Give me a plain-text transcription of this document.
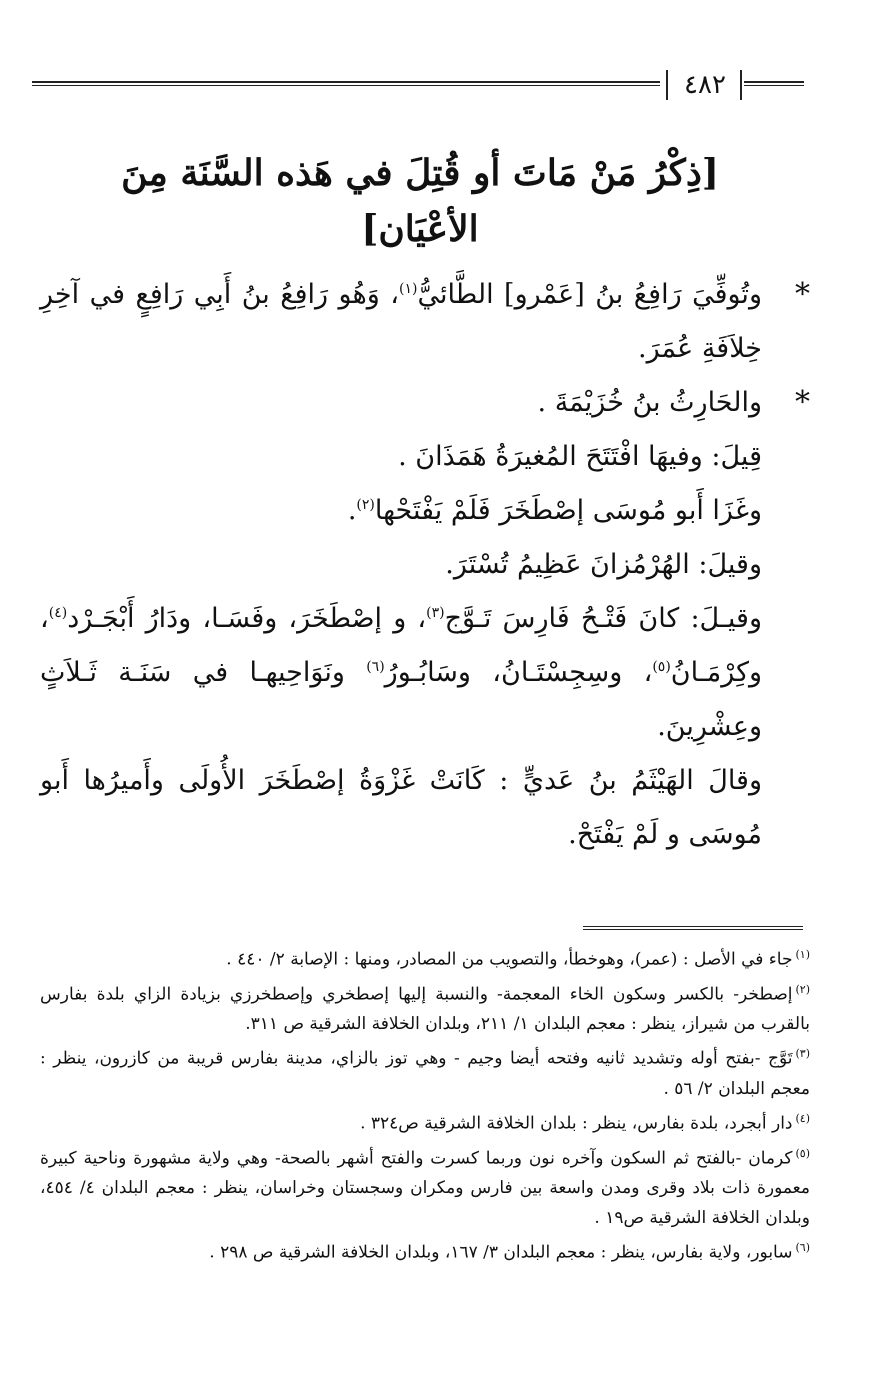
٤٨٢
[ذِكْرُ مَنْ مَاتَ أو قُتِلَ في هَذه السَّنَة مِنَ الأعْيَان]

*
وتُوفِّيَ رَافِعُ بنُ [عَمْرو] الطَّائيُّ$^{(١)}$، وَهُو رَافِعُ بنُ أَبِي رَافِعٍ في آخِرِ خِلاَفَةِ عُمَرَ.

*
والحَارِثُ بنُ خُزَيْمَةَ .

قِيلَ: وفيهَا افْتَتَحَ المُغيرَةُ هَمَذَانَ .

وغَزَا أَبو مُوسَى إصْطَخَرَ فَلَمْ يَفْتَحْها$^{(٢)}$.

وقيلَ: الهُرْمُزانَ عَظِيمُ تُسْتَرَ.

وقيـلَ: كانَ فَتْـحُ فَارِسَ تَـوَّج$^{(٣)}$، و إصْطَخَرَ، وفَسَـا، ودَارُ أَبْجَـرْد$^{(٤)}$، وكِرْمَـانُ$^{(٥)}$، وسِجِسْتَـانُ، وسَابُـورُ$^{(٦)}$ ونَوَاحِيهـا في سَنَـة ثَـلاَثٍ وعِشْرِينَ.

وقالَ الهَيْثَمُ بنُ عَديٍّ : كَانَتْ غَزْوَةُ إصْطَخَرَ الأُولَى وأَميرُها أَبو مُوسَى و لَمْ يَفْتَحْ.

$^{(١)}$جاء في الأصل : (عمر)، وهوخطأ، والتصويب من المصادر، ومنها : الإصابة ٢/ ٤٤٠ .

$^{(٢)}$إصطخر- بالكسر وسكون الخاء المعجمة- والنسبة إليها إصطخري وإصطخرزي بزيادة الزاي بلدة بفارس بالقرب من شيراز، ينظر : معجم البلدان ١/ ٢١١، وبلدان الخلافة الشرقية ص ٣١١.

$^{(٣)}$تَوَّج -بفتح أوله وتشديد ثانيه وفتحه أيضا وجيم - وهي توز بالزاي، مدينة بفارس قريبة من كازرون، ينظر : معجم البلدان ٢/ ٥٦ .

$^{(٤)}$دار أبجرد، بلدة بفارس، ينظر : بلدان الخلافة الشرقية ص٣٢٤ .

$^{(٥)}$كرمان -بالفتح ثم السكون وآخره نون وربما كسرت والفتح أشهر بالصحة- وهي ولاية مشهورة وناحية كبيرة معمورة ذات بلاد وقرى ومدن واسعة بين فارس ومكران وسجستان وخراسان، ينظر : معجم البلدان ٤/ ٤٥٤، وبلدان الخلافة الشرقية ص١٩ .

$^{(٦)}$سابور، ولاية بفارس، ينظر : معجم البلدان ٣/ ١٦٧، وبلدان الخلافة الشرقية ص ٢٩٨ .
